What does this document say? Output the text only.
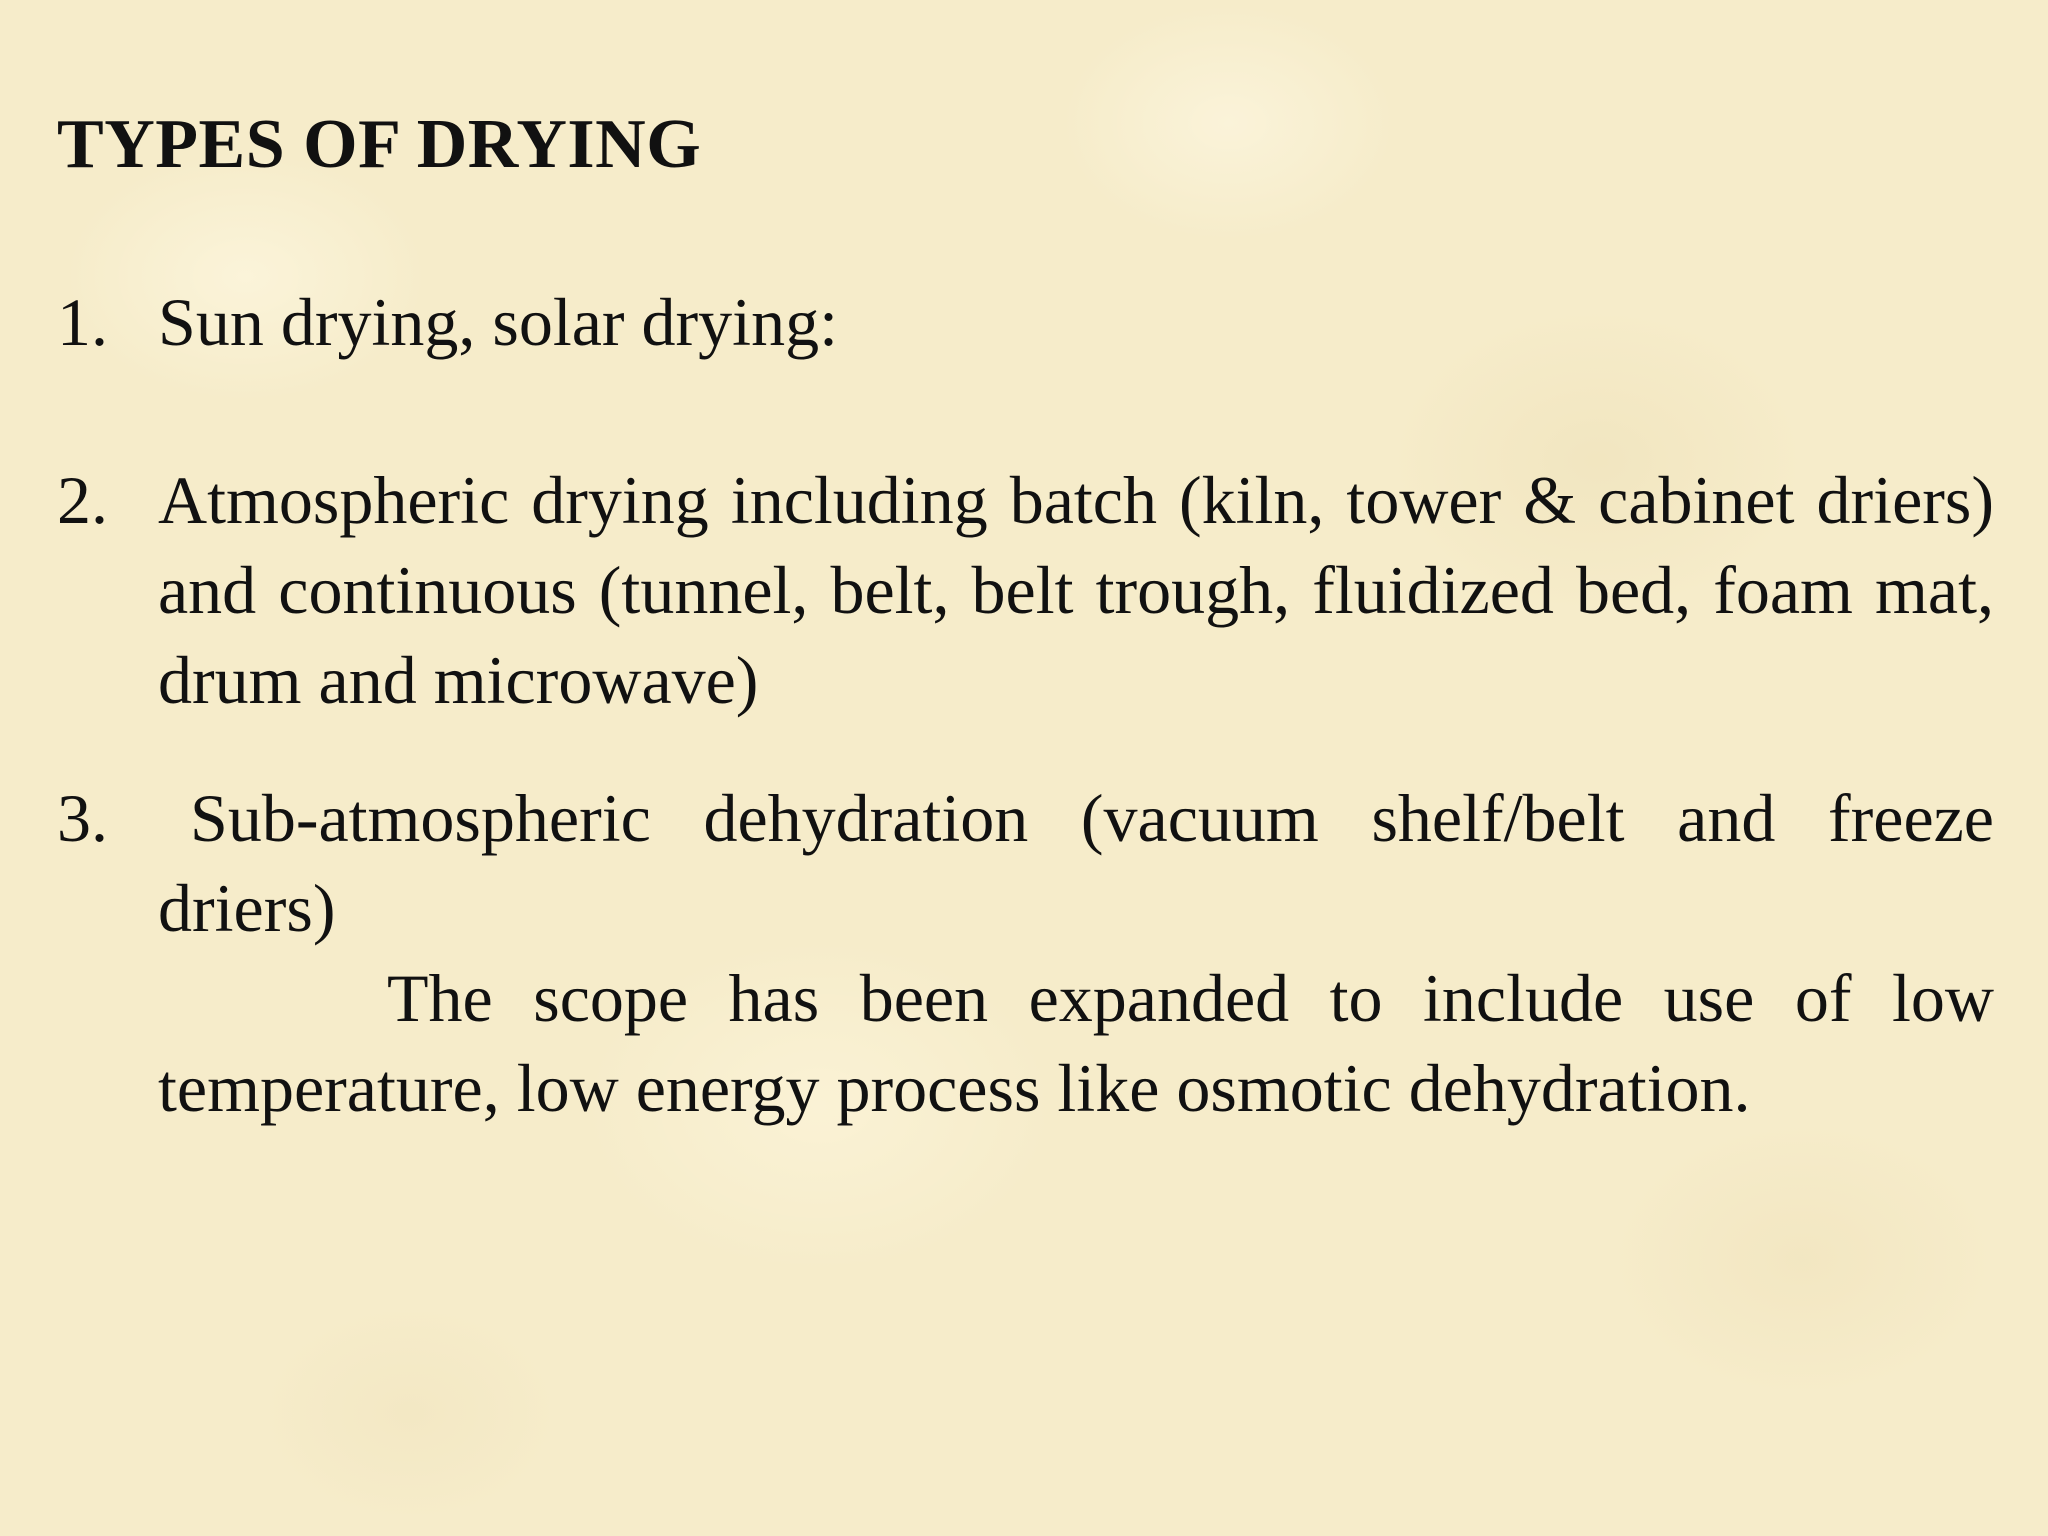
TYPES OF DRYING
1. Sun drying, solar drying:
2. Atmospheric drying including batch (kiln, tower & cabinet driers) and continuous (tunnel, belt, belt trough, fluidized bed, foam mat, drum and microwave)
3.	Sub-atmospheric dehydration (vacuum shelf/belt and freeze driers)
The scope has been expanded to include use of low temperature, low energy process like osmotic dehydration.
